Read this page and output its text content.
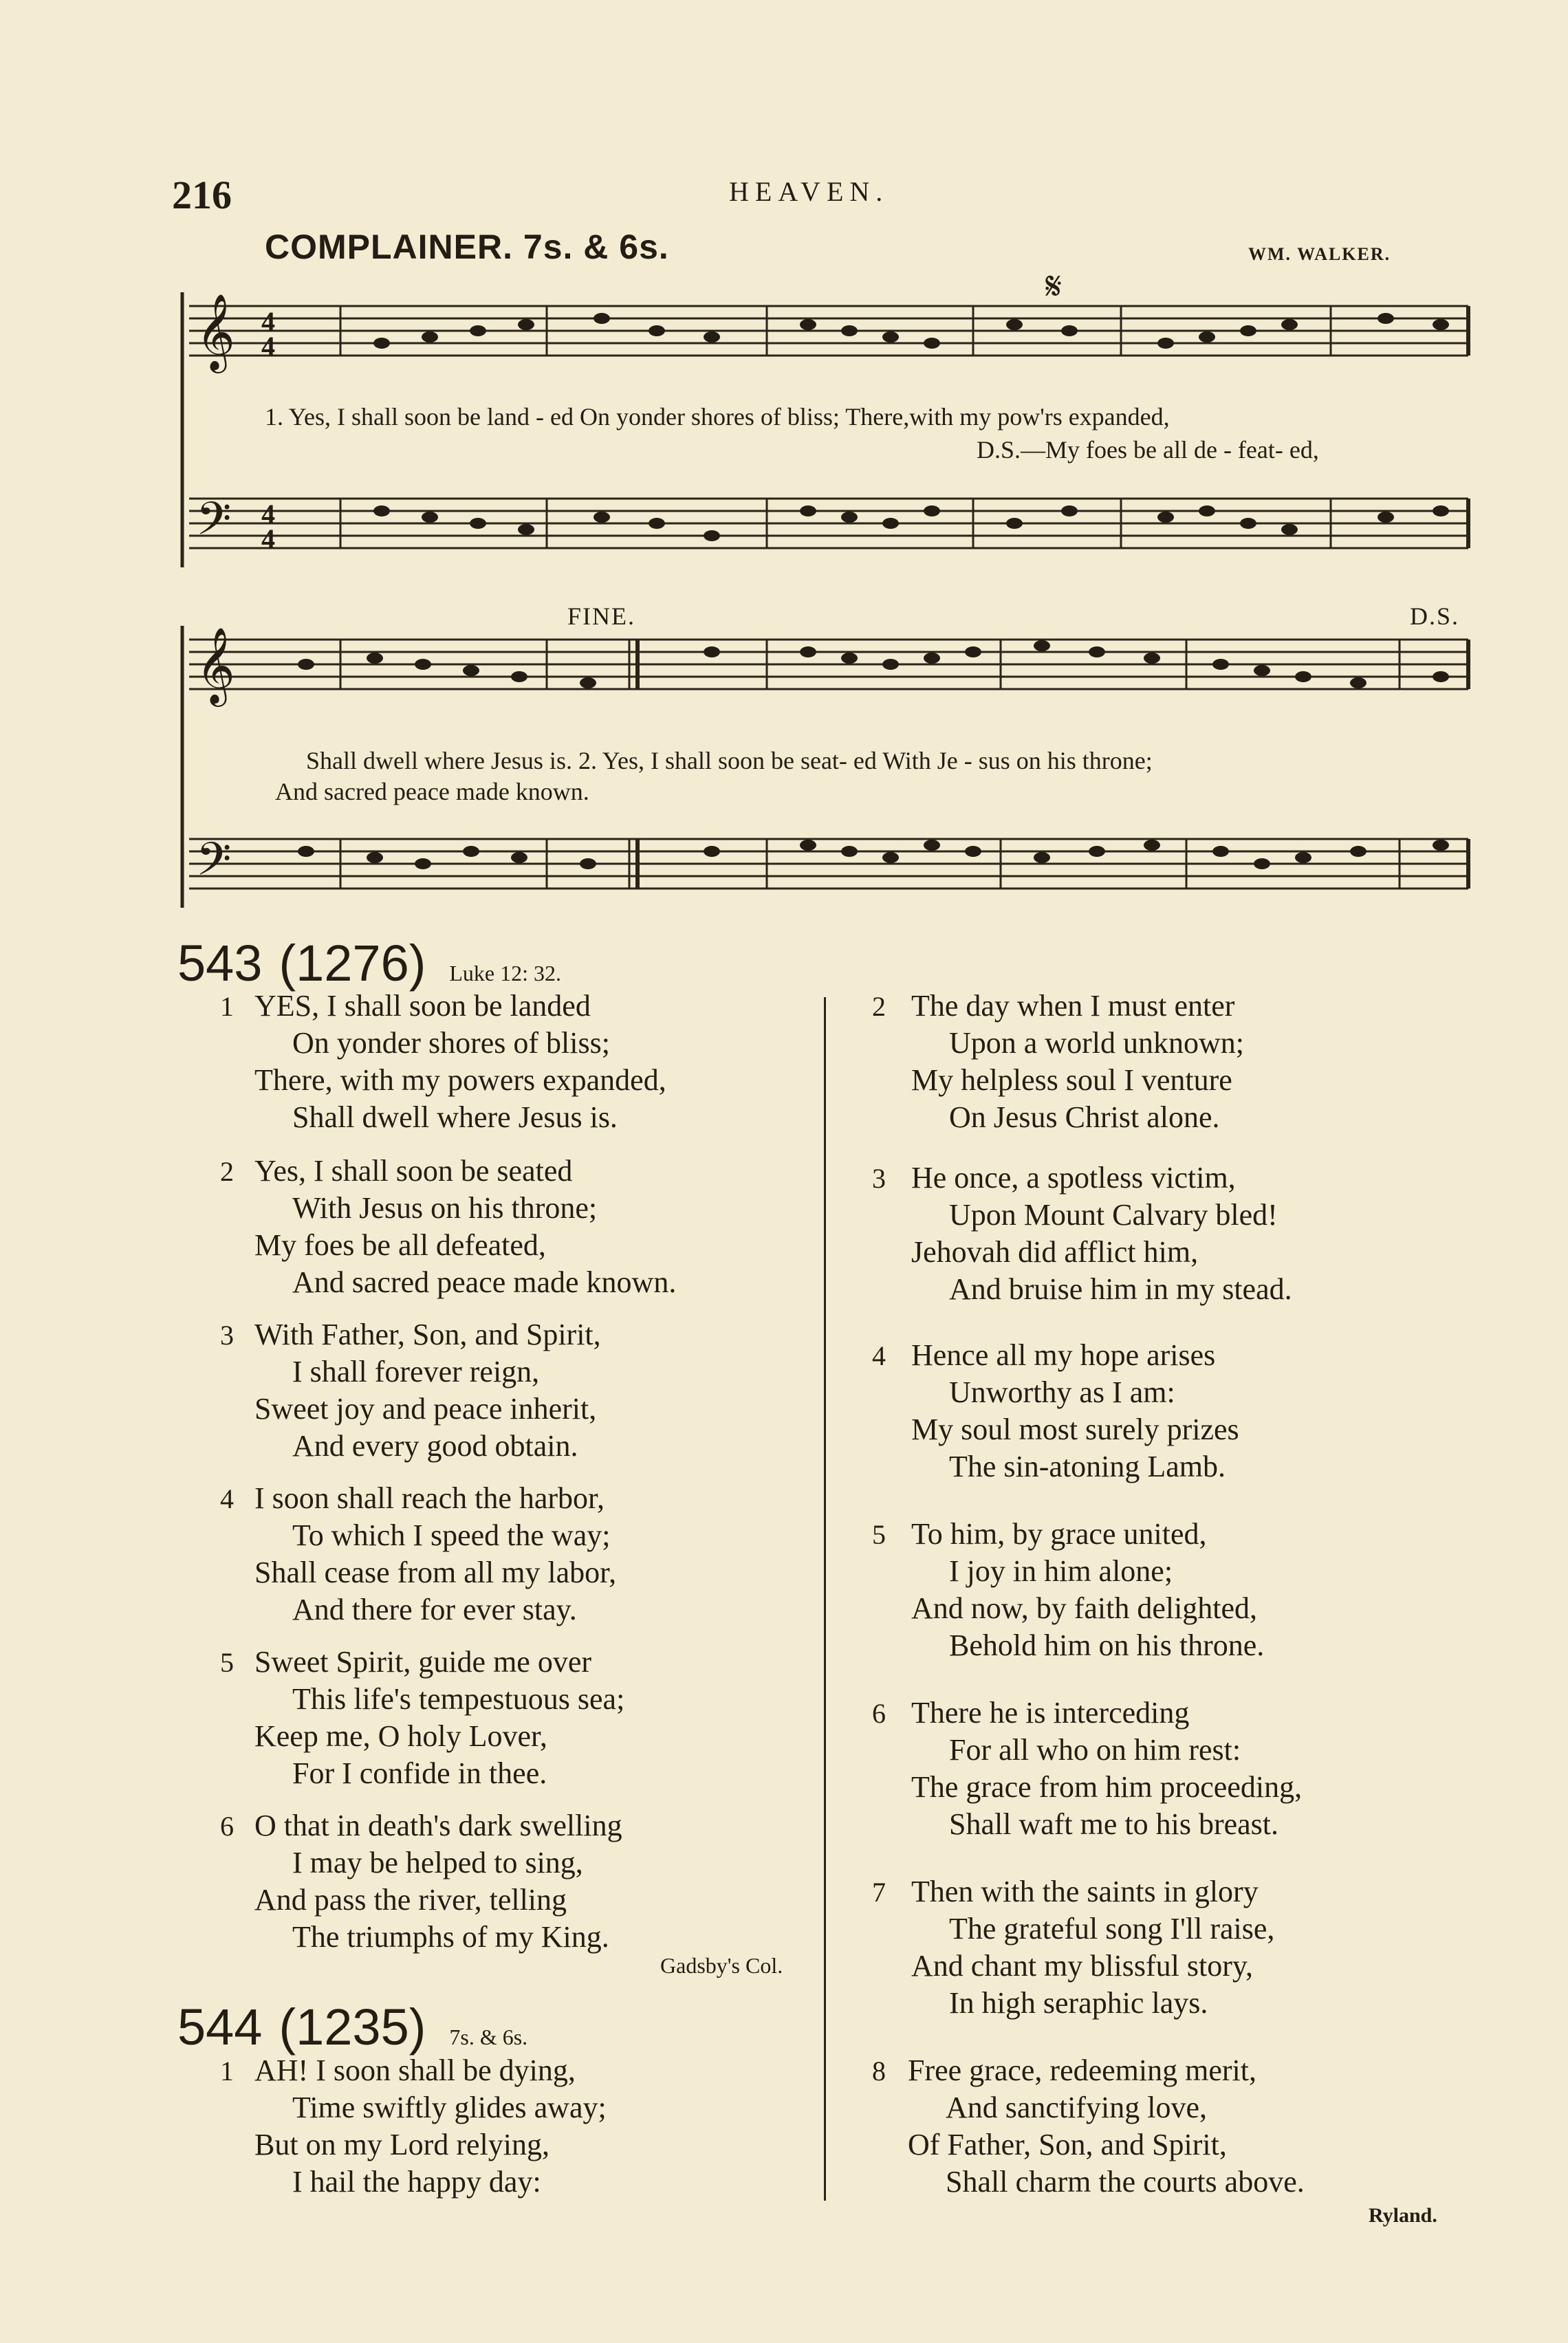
216	HEAVEN.
COMPLAINER. 7s. & 6s.	WM. WALKER.
𝄞
𝄢
4
4
4
4
𝄋
1. Yes, I shall soon be land - ed On yonder shores of bliss; There,with my pow'rs expanded,
D.S.—My foes be all de - feat- ed,
𝄞
𝄢
FINE.	D.S.
Shall dwell where Jesus is. 2. Yes, I shall soon be seat- ed With Je - sus on his throne;
And sacred peace made known.
543 (1276) Luke 12: 32.
1 YES, I shall soon be landed
On yonder shores of bliss;
There, with my powers expanded,
Shall dwell where Jesus is.
2 Yes, I shall soon be seated
With Jesus on his throne;
My foes be all defeated,
And sacred peace made known.
3 With Father, Son, and Spirit,
I shall forever reign,
Sweet joy and peace inherit,
And every good obtain.
4 I soon shall reach the harbor,
To which I speed the way;
Shall cease from all my labor,
And there for ever stay.
5 Sweet Spirit, guide me over
This life's tempestuous sea;
Keep me, O holy Lover,
For I confide in thee.
6 O that in death's dark swelling
I may be helped to sing,
And pass the river, telling
The triumphs of my King.
Gadsby's Col.
544 (1235) 7s. & 6s.
1 AH! I soon shall be dying,
Time swiftly glides away;
But on my Lord relying,
I hail the happy day:
2 The day when I must enter
Upon a world unknown;
My helpless soul I venture
On Jesus Christ alone.
3 He once, a spotless victim,
Upon Mount Calvary bled!
Jehovah did afflict him,
And bruise him in my stead.
4 Hence all my hope arises
Unworthy as I am:
My soul most surely prizes
The sin-atoning Lamb.
5 To him, by grace united,
I joy in him alone;
And now, by faith delighted,
Behold him on his throne.
6 There he is interceding
For all who on him rest:
The grace from him proceeding,
Shall waft me to his breast.
7 Then with the saints in glory
The grateful song I'll raise,
And chant my blissful story,
In high seraphic lays.
8 Free grace, redeeming merit,
And sanctifying love,
Of Father, Son, and Spirit,
Shall charm the courts above.
Ryland.
